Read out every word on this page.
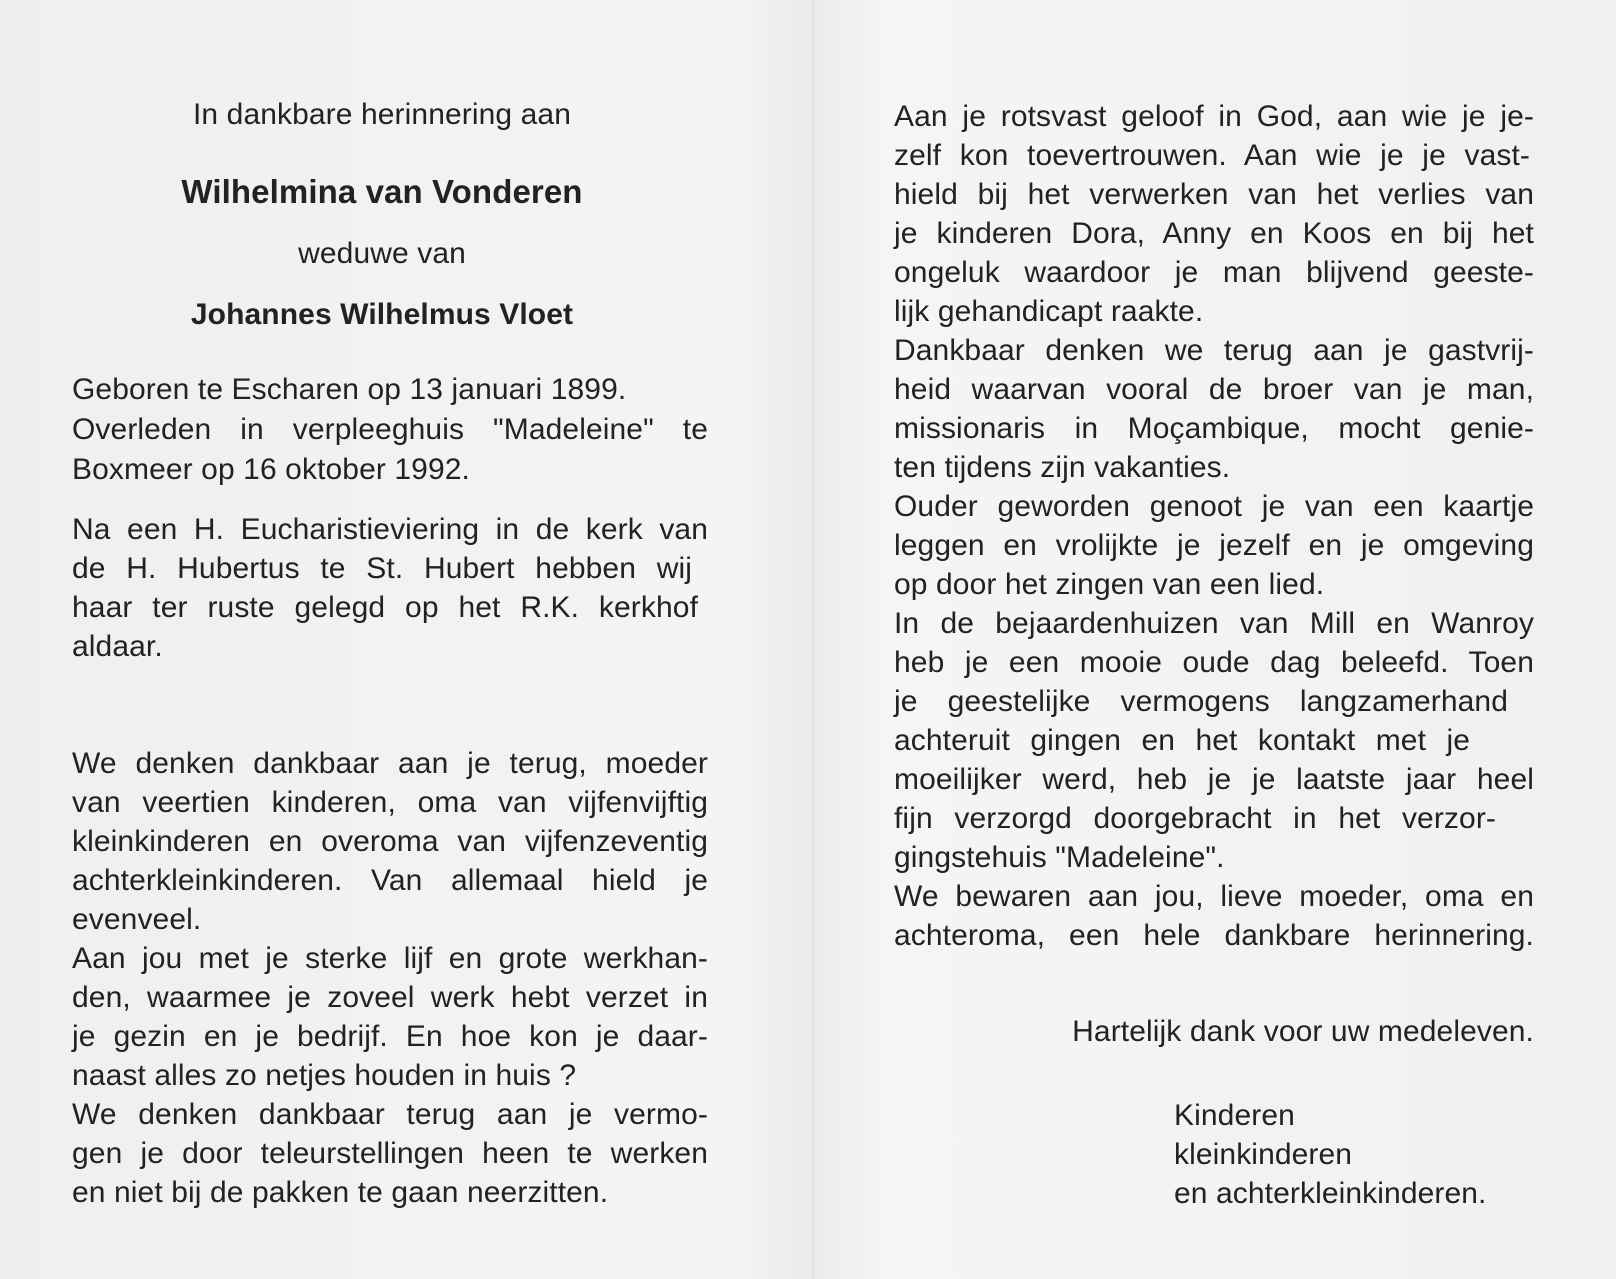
In dankbare herinnering aan
Wilhelmina van Vonderen
weduwe van
Johannes Wilhelmus Vloet
Geboren te Escharen op 13 januari 1899.
Overleden in verpleeghuis "Madeleine" te
Boxmeer op 16 oktober 1992.
Na een H. Eucharistieviering in de kerk van
de H. Hubertus te St. Hubert hebben wij
haar ter ruste gelegd op het R.K. kerkhof
aldaar.
We denken dankbaar aan je terug, moeder
van veertien kinderen, oma van vijfenvijftig
kleinkinderen en overoma van vijfenzeventig
achterkleinkinderen. Van allemaal hield je
evenveel.
Aan jou met je sterke lijf en grote werkhan-
den, waarmee je zoveel werk hebt verzet in
je gezin en je bedrijf. En hoe kon je daar-
naast alles zo netjes houden in huis ?
We denken dankbaar terug aan je vermo-
gen je door teleurstellingen heen te werken
en niet bij de pakken te gaan neerzitten.
Aan je rotsvast geloof in God, aan wie je je-
zelf kon toevertrouwen. Aan wie je je vast-
hield bij het verwerken van het verlies van
je kinderen Dora, Anny en Koos en bij het
ongeluk waardoor je man blijvend geeste-
lijk gehandicapt raakte.
Dankbaar denken we terug aan je gastvrij-
heid waarvan vooral de broer van je man,
missionaris in Moçambique, mocht genie-
ten tijdens zijn vakanties.
Ouder geworden genoot je van een kaartje
leggen en vrolijkte je jezelf en je omgeving
op door het zingen van een lied.
In de bejaardenhuizen van Mill en Wanroy
heb je een mooie oude dag beleefd. Toen
je geestelijke vermogens langzamerhand
achteruit gingen en het kontakt met je
moeilijker werd, heb je je laatste jaar heel
fijn verzorgd doorgebracht in het verzor-
gingstehuis "Madeleine".
We bewaren aan jou, lieve moeder, oma en
achteroma, een hele dankbare herinnering.
Hartelijk dank voor uw medeleven.
Kinderen
kleinkinderen
en achterkleinkinderen.
